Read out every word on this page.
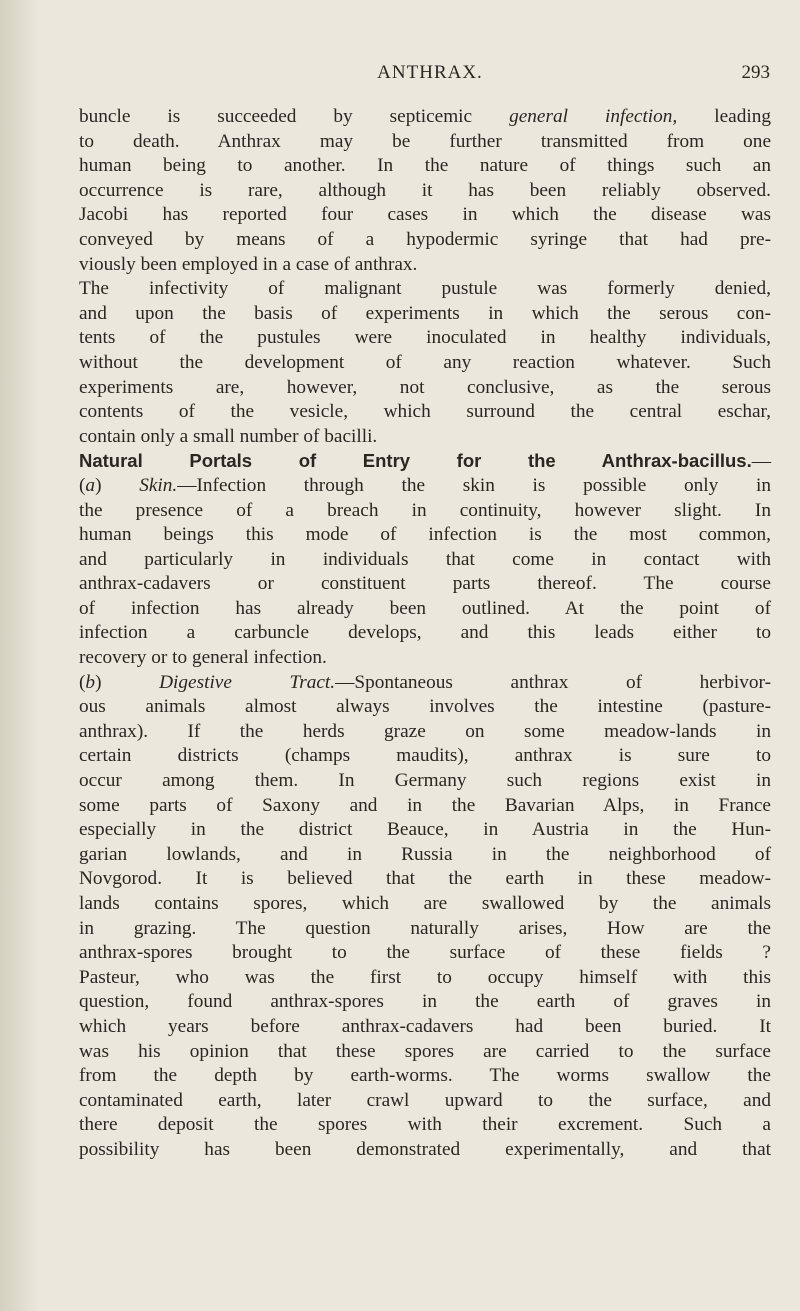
ANTHRAX.	293
buncle is succeeded by septicemic general infection, leading
to death. Anthrax may be further transmitted from one
human being to another. In the nature of things such an
occurrence is rare, although it has been reliably observed.
Jacobi has reported four cases in which the disease was
conveyed by means of a hypodermic syringe that had pre-
viously been employed in a case of anthrax.
The infectivity of malignant pustule was formerly denied,
and upon the basis of experiments in which the serous con-
tents of the pustules were inoculated in healthy individuals,
without the development of any reaction whatever. Such
experiments are, however, not conclusive, as the serous
contents of the vesicle, which surround the central eschar,
contain only a small number of bacilli.
Natural Portals of Entry for the Anthrax-bacillus.—
(a) Skin.—Infection through the skin is possible only in
the presence of a breach in continuity, however slight. In
human beings this mode of infection is the most common,
and particularly in individuals that come in contact with
anthrax-cadavers or constituent parts thereof. The course
of infection has already been outlined. At the point of
infection a carbuncle develops, and this leads either to
recovery or to general infection.
(b) Digestive Tract.—Spontaneous anthrax of herbivor-
ous animals almost always involves the intestine (pasture-
anthrax). If the herds graze on some meadow-lands in
certain districts (champs maudits), anthrax is sure to
occur among them. In Germany such regions exist in
some parts of Saxony and in the Bavarian Alps, in France
especially in the district Beauce, in Austria in the Hun-
garian lowlands, and in Russia in the neighborhood of
Novgorod. It is believed that the earth in these meadow-
lands contains spores, which are swallowed by the animals
in grazing. The question naturally arises, How are the
anthrax-spores brought to the surface of these fields ?
Pasteur, who was the first to occupy himself with this
question, found anthrax-spores in the earth of graves in
which years before anthrax-cadavers had been buried. It
was his opinion that these spores are carried to the surface
from the depth by earth-worms. The worms swallow the
contaminated earth, later crawl upward to the surface, and
there deposit the spores with their excrement. Such a
possibility has been demonstrated experimentally, and that
